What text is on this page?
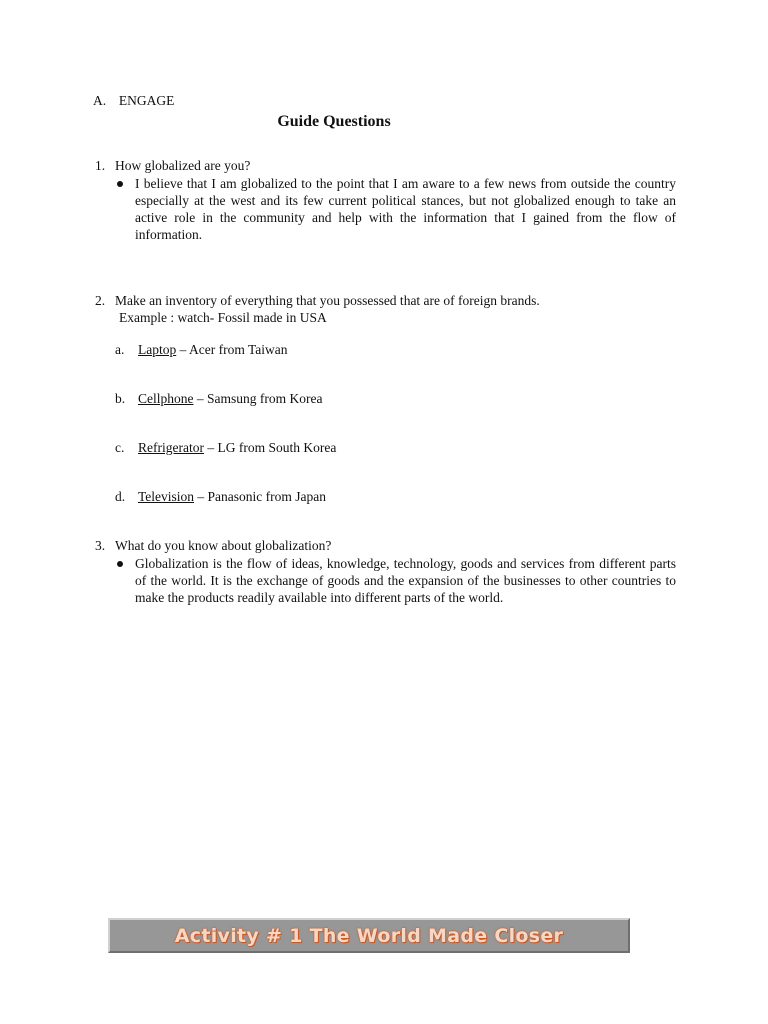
A. ENGAGE
Guide Questions
1. How globalized are you?
I believe that I am globalized to the point that I am aware to a few news from outside the country especially at the west and its few current political stances, but not globalized enough to take an active role in the community and help with the information that I gained from the flow of information.
2. Make an inventory of everything that you possessed that are of foreign brands.
Example : watch- Fossil made in USA
a. Laptop – Acer from Taiwan
b. Cellphone – Samsung from Korea
c. Refrigerator – LG from South Korea
d. Television – Panasonic from Japan
3. What do you know about globalization?
Globalization is the flow of ideas, knowledge, technology, goods and services from different parts of the world. It is the exchange of goods and the expansion of the businesses to other countries to make the products readily available into different parts of the world.
Activity # 1 The World Made Closer
